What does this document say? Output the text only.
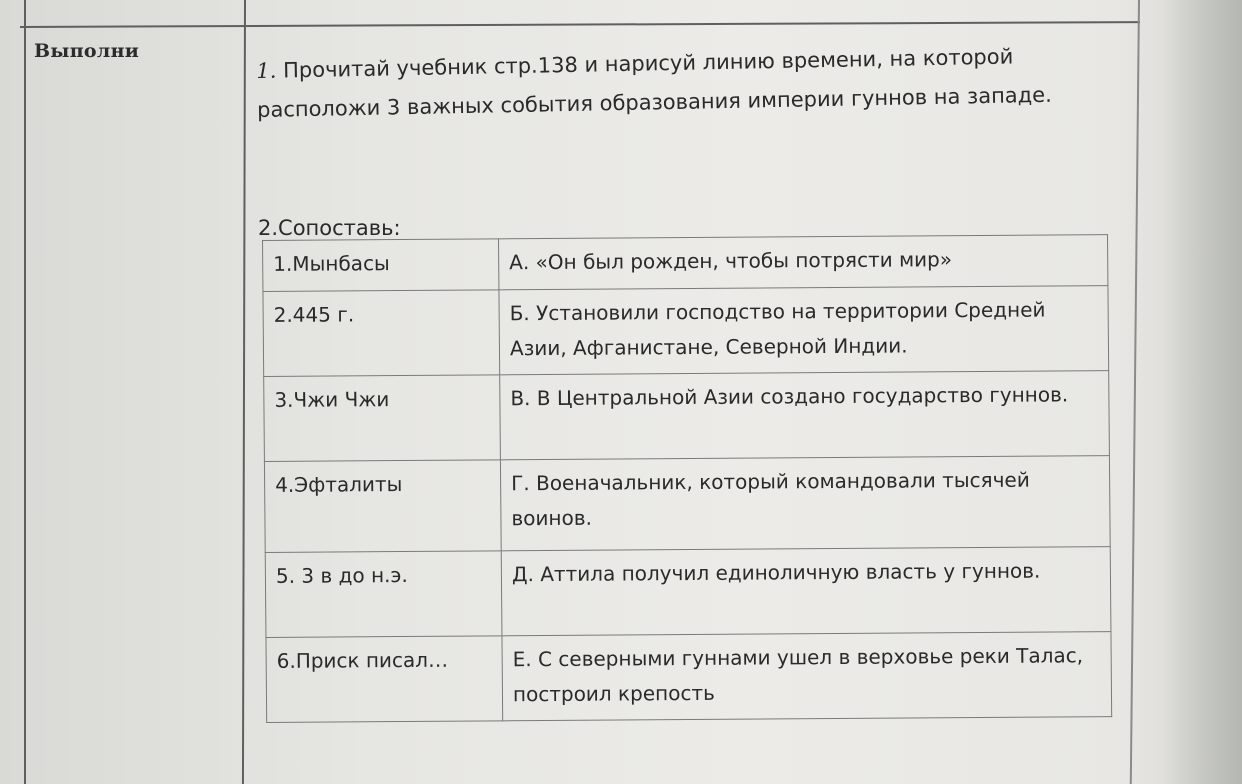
Выполни
1. Прочитай учебник стр.138 и нарисуй линию времени, на которой расположи 3 важных события образования империи гуннов на западе.
2.Сопоставь:
1.Мынбасы	А. «Он был рожден, чтобы потрясти мир»
2.445 г.	Б. Установили господство на территории Средней Азии, Афганистане, Северной Индии.
3.Чжи Чжи	В. В Центральной Азии создано государство гуннов.
4.Эфталиты	Г. Военачальник, который командовали тысячей воинов.
5. 3 в до н.э.	Д. Аттила получил единоличную власть у гуннов.
6.Приск писал…	Е. С северными гуннами ушел в верховье реки Талас, построил крепость
